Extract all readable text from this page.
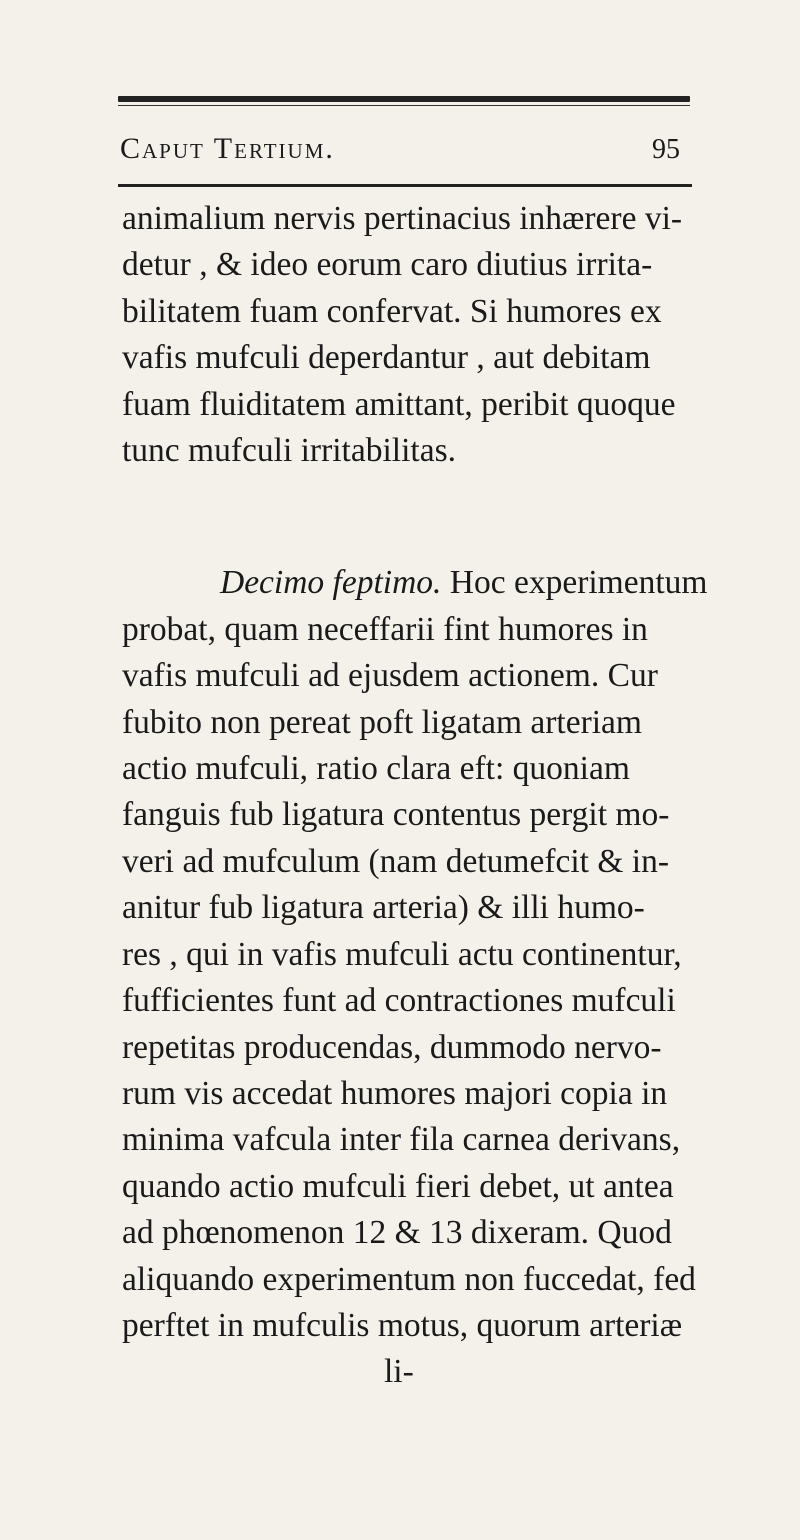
Caput Tertium.	95
animalium nervis pertinacius inhærere vi-
detur , & ideo eorum caro diutius irrita-
bilitatem fuam confervat. Si humores ex
vafis mufculi deperdantur , aut debitam
fuam fluiditatem amittant, peribit quoque
tunc mufculi irritabilitas.
Decimo feptimo. Hoc experimentum
probat, quam neceffarii fint humores in
vafis mufculi ad ejusdem actionem. Cur
fubito non pereat poft ligatam arteriam
actio mufculi, ratio clara eft: quoniam
fanguis fub ligatura contentus pergit mo-
veri ad mufculum (nam detumefcit & in-
anitur fub ligatura arteria) & illi humo-
res , qui in vafis mufculi actu continentur,
fufficientes funt ad contractiones mufculi
repetitas producendas, dummodo nervo-
rum vis accedat humores majori copia in
minima vafcula inter fila carnea derivans,
quando actio mufculi fieri debet, ut antea
ad phœnomenon 12 & 13 dixeram. Quod
aliquando experimentum non fuccedat, fed
perftet in mufculis motus, quorum arteriæ
li-
